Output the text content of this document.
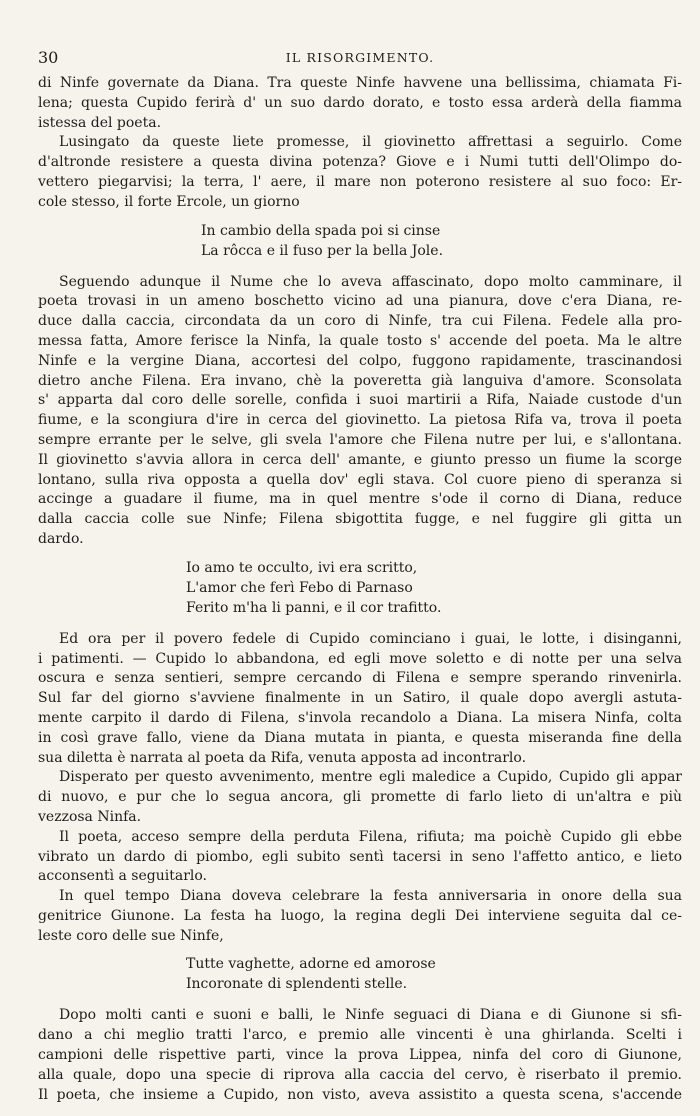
30	IL RISORGIMENTO.
di Ninfe governate da Diana. Tra queste Ninfe havvene una bellissima, chiamata Fi-
lena; questa Cupido ferirà d' un suo dardo dorato, e tosto essa arderà della fiamma
istessa del poeta.
Lusingato da queste liete promesse, il giovinetto affrettasi a seguirlo. Come
d'altronde resistere a questa divina potenza? Giove e i Numi tutti dell'Olimpo do-
vettero piegarvisi; la terra, l' aere, il mare non poterono resistere al suo foco: Er-
cole stesso, il forte Ercole, un giorno
In cambio della spada poi si cinse
La rôcca e il fuso per la bella Jole.
Seguendo adunque il Nume che lo aveva affascinato, dopo molto camminare, il
poeta trovasi in un ameno boschetto vicino ad una pianura, dove c'era Diana, re-
duce dalla caccia, circondata da un coro di Ninfe, tra cui Filena. Fedele alla pro-
messa fatta, Amore ferisce la Ninfa, la quale tosto s' accende del poeta. Ma le altre
Ninfe e la vergine Diana, accortesi del colpo, fuggono rapidamente, trascinandosi
dietro anche Filena. Era invano, chè la poveretta già languiva d'amore. Sconsolata
s' apparta dal coro delle sorelle, confida i suoi martirii a Rifa, Naiade custode d'un
fiume, e la scongiura d'ire in cerca del giovinetto. La pietosa Rifa va, trova il poeta
sempre errante per le selve, gli svela l'amore che Filena nutre per lui, e s'allontana.
Il giovinetto s'avvia allora in cerca dell' amante, e giunto presso un fiume la scorge
lontano, sulla riva opposta a quella dov' egli stava. Col cuore pieno di speranza si
accinge a guadare il fiume, ma in quel mentre s'ode il corno di Diana, reduce
dalla caccia colle sue Ninfe; Filena sbigottita fugge, e nel fuggire gli gitta un
dardo.
Io amo te occulto, ivi era scritto,
L'amor che ferì Febo di Parnaso
Ferito m'ha li panni, e il cor trafitto.
Ed ora per il povero fedele di Cupido cominciano i guai, le lotte, i disinganni,
i patimenti. — Cupido lo abbandona, ed egli move soletto e di notte per una selva
oscura e senza sentieri, sempre cercando di Filena e sempre sperando rinvenirla.
Sul far del giorno s'avviene finalmente in un Satiro, il quale dopo avergli astuta-
mente carpito il dardo di Filena, s'invola recandolo a Diana. La misera Ninfa, colta
in così grave fallo, viene da Diana mutata in pianta, e questa miseranda fine della
sua diletta è narrata al poeta da Rifa, venuta apposta ad incontrarlo.
Disperato per questo avvenimento, mentre egli maledice a Cupido, Cupido gli appar
di nuovo, e pur che lo segua ancora, gli promette di farlo lieto di un'altra e più
vezzosa Ninfa.
Il poeta, acceso sempre della perduta Filena, rifiuta; ma poichè Cupido gli ebbe
vibrato un dardo di piombo, egli subito sentì tacersi in seno l'affetto antico, e lieto
acconsentì a seguitarlo.
In quel tempo Diana doveva celebrare la festa anniversaria in onore della sua
genitrice Giunone. La festa ha luogo, la regina degli Dei interviene seguita dal ce-
leste coro delle sue Ninfe,
Tutte vaghette, adorne ed amorose
Incoronate di splendenti stelle.
Dopo molti canti e suoni e balli, le Ninfe seguaci di Diana e di Giunone si sfi-
dano a chi meglio tratti l'arco, e premio alle vincenti è una ghirlanda. Scelti i
campioni delle rispettive parti, vince la prova Lippea, ninfa del coro di Giunone,
alla quale, dopo una specie di riprova alla caccia del cervo, è riserbato il premio.
Il poeta, che insieme a Cupido, non visto, aveva assistito a questa scena, s'accende
